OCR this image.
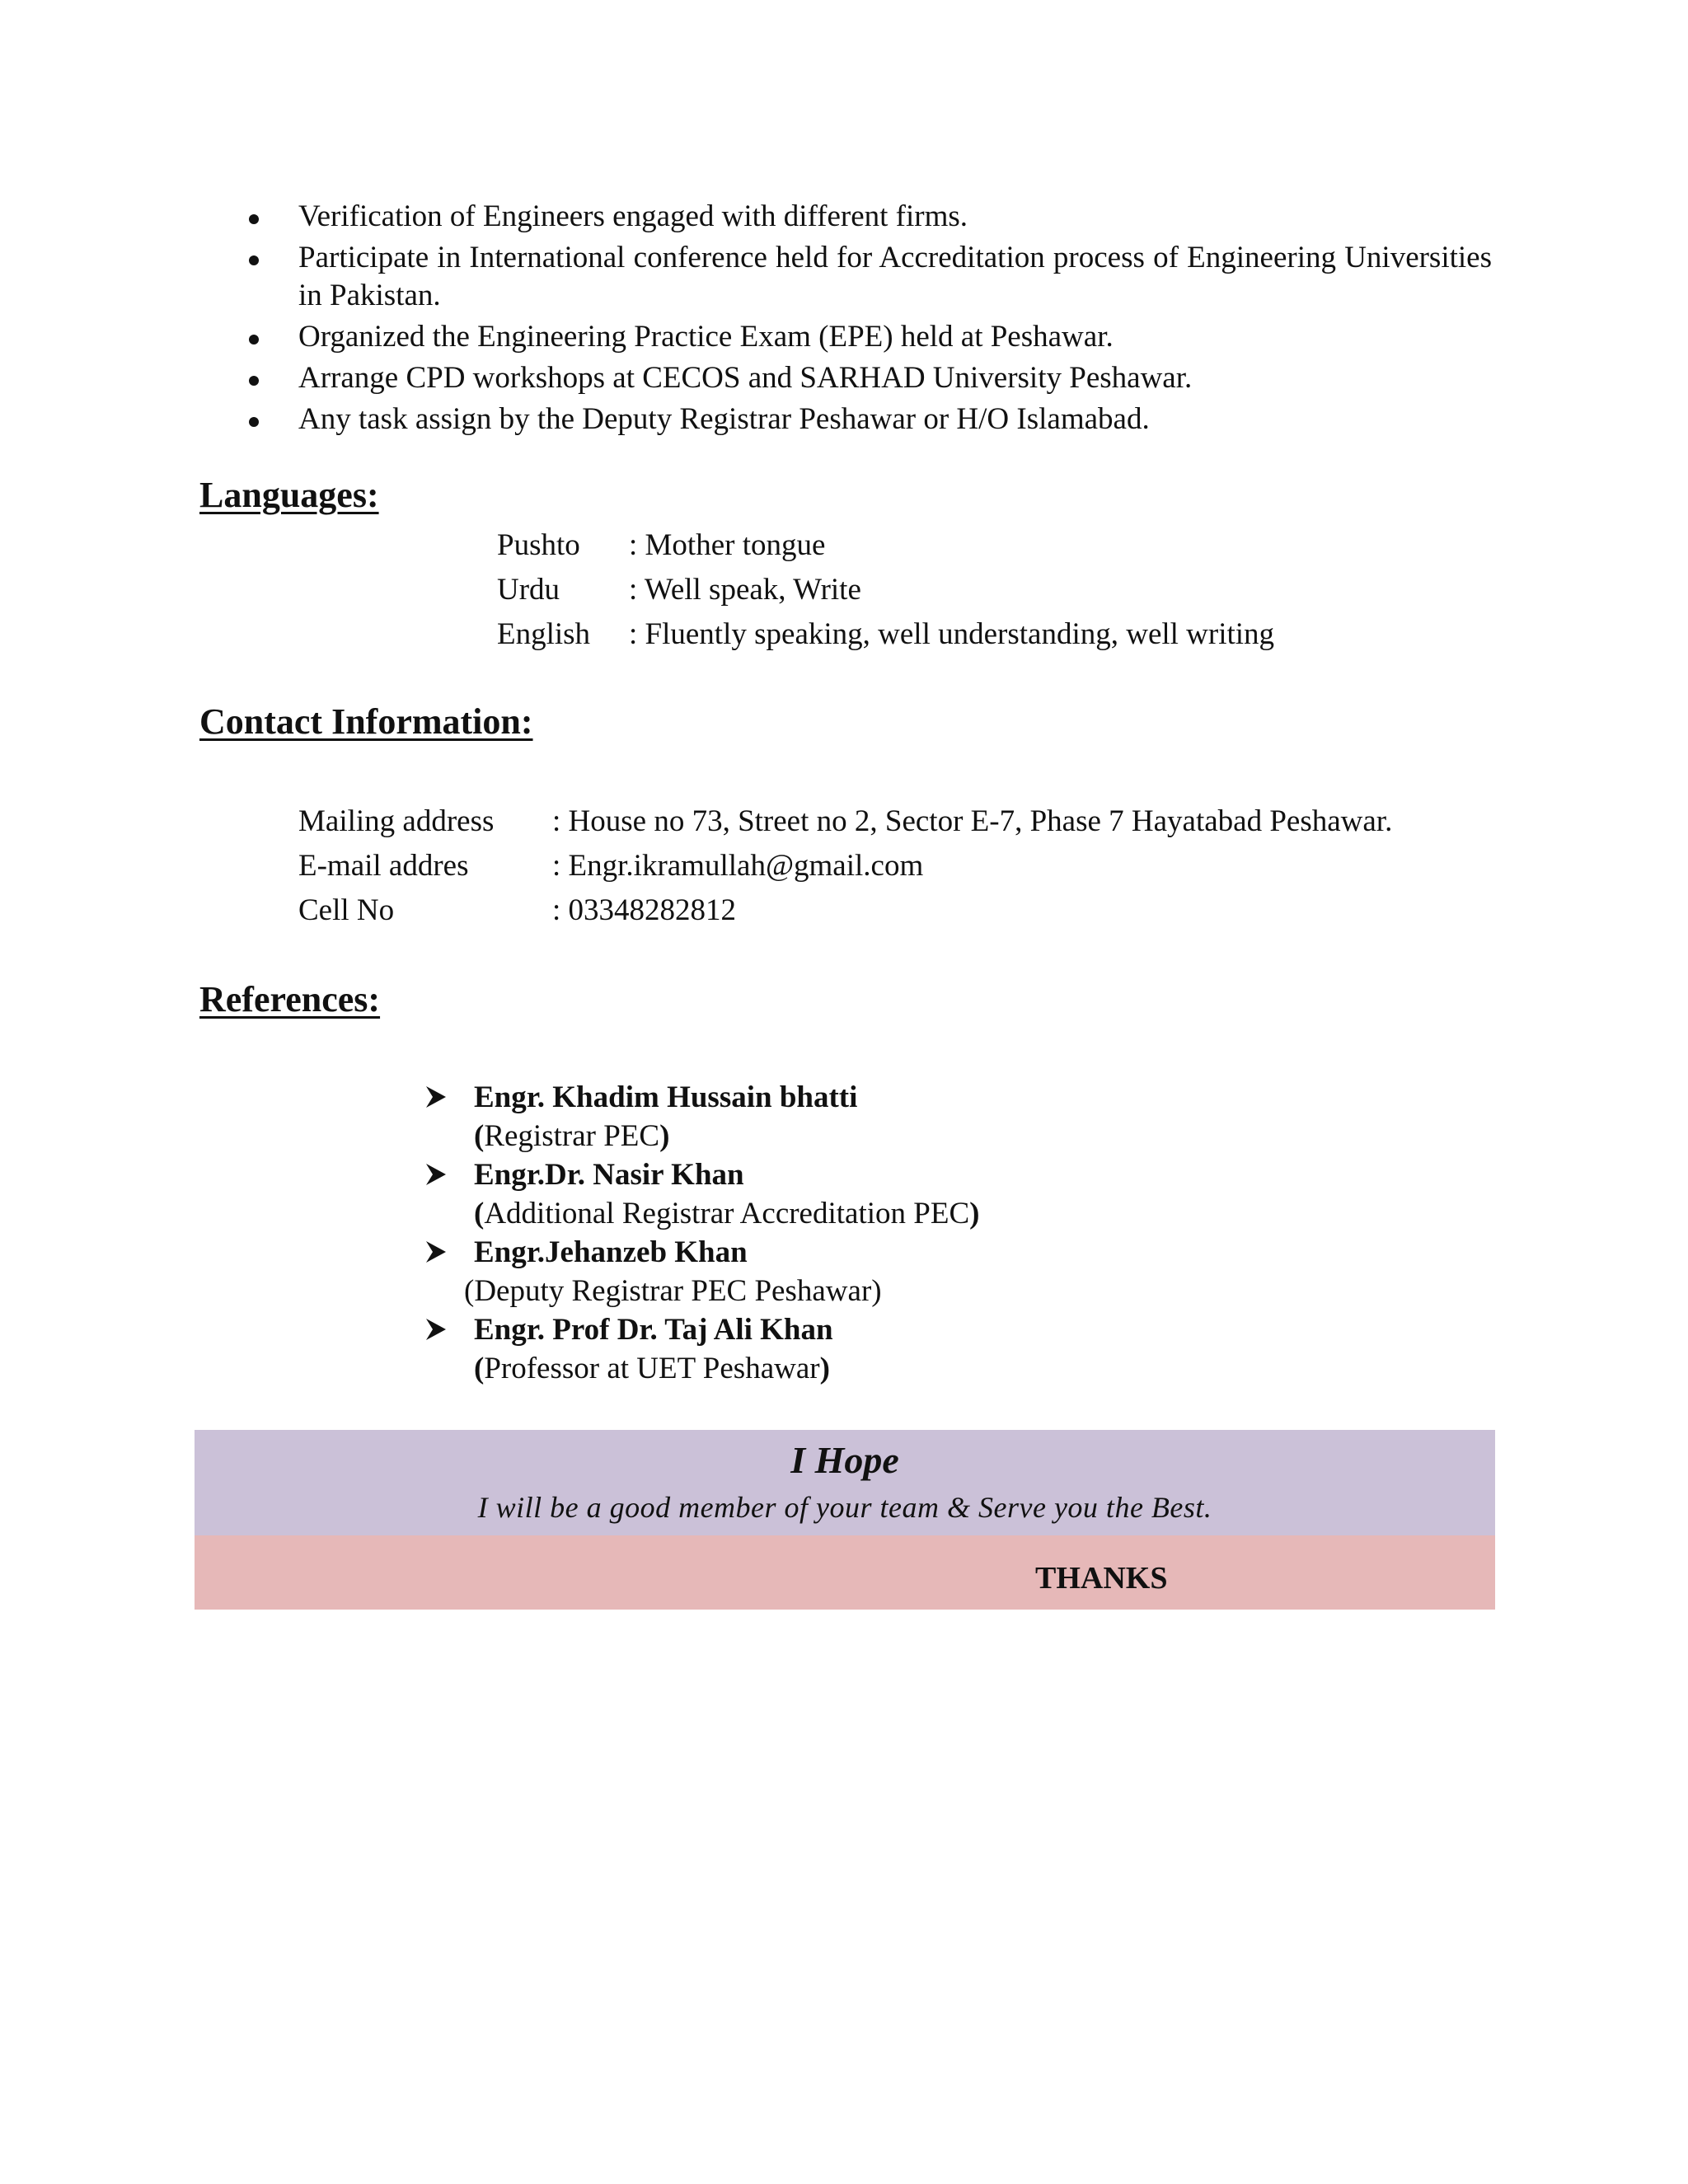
Verification of Engineers engaged with different firms.
Participate in International conference held for Accreditation process of Engineering Universities in Pakistan.
Organized the Engineering Practice Exam (EPE) held at Peshawar.
Arrange CPD workshops at CECOS and SARHAD University Peshawar.
Any task assign by the Deputy Registrar Peshawar or H/O Islamabad.
Languages:
Pushto : Mother tongue
Urdu : Well speak, Write
English : Fluently speaking, well understanding, well writing
Contact Information:
Mailing address : House no 73, Street no 2, Sector E-7, Phase 7 Hayatabad Peshawar.
E-mail addres	: Engr.ikramullah@gmail.com
Cell No	: 03348282812
References:
Engr. Khadim Hussain bhatti
(Registrar PEC)
Engr.Dr. Nasir Khan
(Additional Registrar Accreditation PEC)
Engr.Jehanzeb Khan
(Deputy Registrar PEC Peshawar)
Engr. Prof Dr. Taj Ali Khan
(Professor at UET Peshawar)
I Hope
I will be a good member of your team & Serve you the Best.
THANKS
